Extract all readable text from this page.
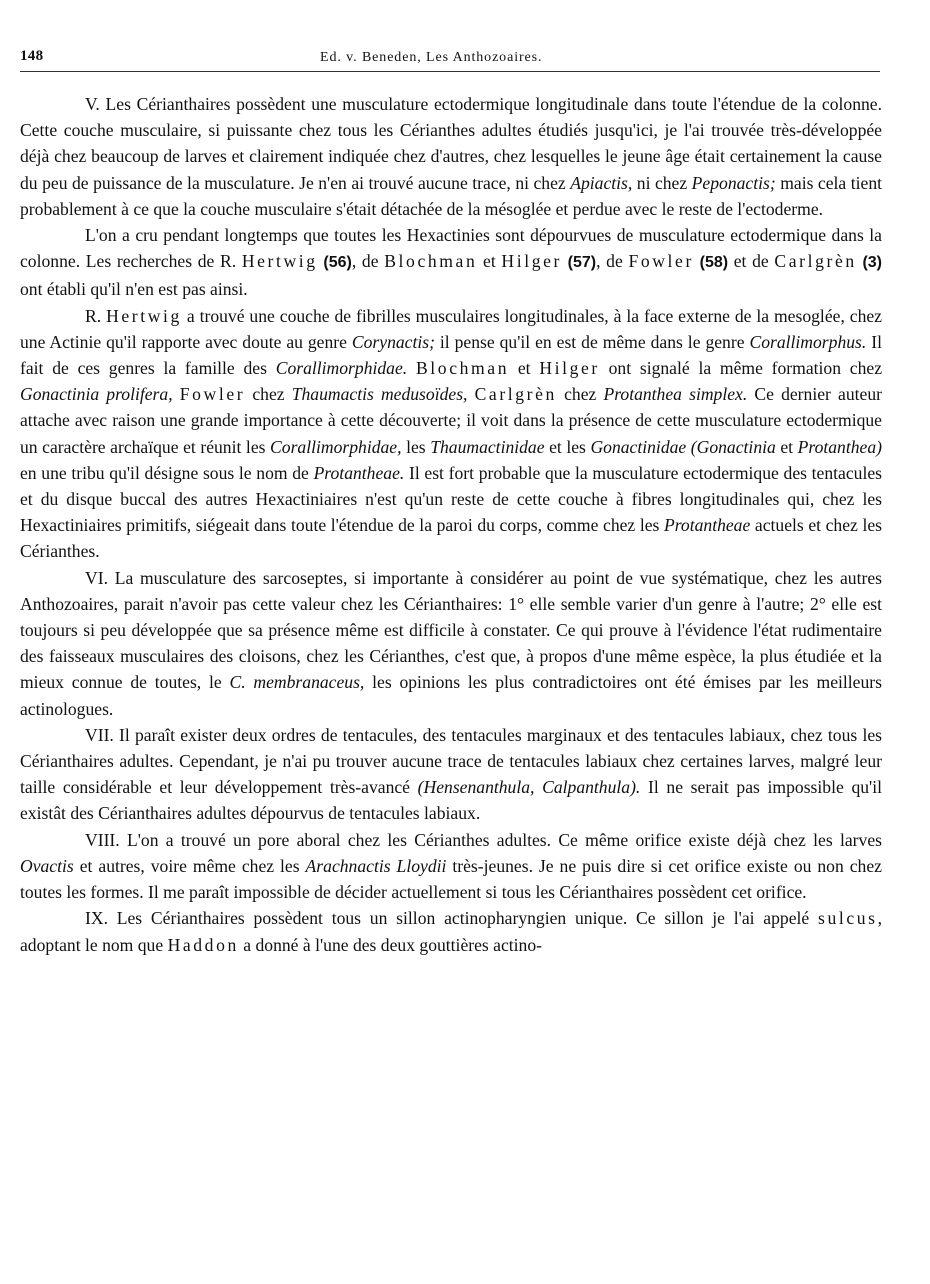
148	Ed. v. Beneden, Les Anthozoaires.

V. Les Cérianthaires possèdent une musculature ectodermique longitudinale dans toute l'étendue de la colonne. Cette couche musculaire, si puissante chez tous les Cérianthes adultes étudiés jusqu'ici, je l'ai trouvée très-développée déjà chez beaucoup de larves et clairement indiquée chez d'autres, chez lesquelles le jeune âge était certainement la cause du peu de puissance de la musculature. Je n'en ai trouvé aucune trace, ni chez Apiactis, ni chez Peponactis; mais cela tient probablement à ce que la couche musculaire s'était détachée de la mésoglée et perdue avec le reste de l'ectoderme.

L'on a cru pendant longtemps que toutes les Hexactinies sont dépourvues de musculature ectodermique dans la colonne. Les recherches de R. Hertwig (56), de Blochman et Hilger (57), de Fowler (58) et de Carlgrèn (3) ont établi qu'il n'en est pas ainsi.

R. Hertwig a trouvé une couche de fibrilles musculaires longitudinales, à la face externe de la mesoglée, chez une Actinie qu'il rapporte avec doute au genre Corynactis; il pense qu'il en est de même dans le genre Corallimorphus. Il fait de ces genres la famille des Corallimorphidae. Blochman et Hilger ont signalé la même formation chez Gonactinia prolifera, Fowler chez Thaumactis medusoïdes, Carlgrèn chez Protanthea simplex. Ce dernier auteur attache avec raison une grande importance à cette découverte; il voit dans la présence de cette musculature ectodermique un caractère archaïque et réunit les Corallimorphidae, les Thaumactinidae et les Gonactinidae (Gonactinia et Protanthea) en une tribu qu'il désigne sous le nom de Protantheae. Il est fort probable que la musculature ectodermique des tentacules et du disque buccal des autres Hexactiniaires n'est qu'un reste de cette couche à fibres longitudinales qui, chez les Hexactiniaires primitifs, siégeait dans toute l'étendue de la paroi du corps, comme chez les Protantheae actuels et chez les Cérianthes.

VI. La musculature des sarcoseptes, si importante à considérer au point de vue systématique, chez les autres Anthozoaires, parait n'avoir pas cette valeur chez les Cérianthaires: 1° elle semble varier d'un genre à l'autre; 2° elle est toujours si peu développée que sa présence même est difficile à constater. Ce qui prouve à l'évidence l'état rudimentaire des faisseaux musculaires des cloisons, chez les Cérianthes, c'est que, à propos d'une même espèce, la plus étudiée et la mieux connue de toutes, le C. membranaceus, les opinions les plus contradictoires ont été émises par les meilleurs actinologues.

VII. Il paraît exister deux ordres de tentacules, des tentacules marginaux et des tentacules labiaux, chez tous les Cérianthaires adultes. Cependant, je n'ai pu trouver aucune trace de tentacules labiaux chez certaines larves, malgré leur taille considérable et leur développement très-avancé (Hensenanthula, Calpanthula). Il ne serait pas impossible qu'il existât des Cérianthaires adultes dépourvus de tentacules labiaux.

VIII. L'on a trouvé un pore aboral chez les Cérianthes adultes. Ce même orifice existe déjà chez les larves Ovactis et autres, voire même chez les Arachnactis Lloydii très-jeunes. Je ne puis dire si cet orifice existe ou non chez toutes les formes. Il me paraît impossible de décider actuellement si tous les Cérianthaires possèdent cet orifice.

IX. Les Cérianthaires possèdent tous un sillon actinopharyngien unique. Ce sillon je l'ai appelé sulcus, adoptant le nom que Haddon a donné à l'une des deux gouttières actino-
